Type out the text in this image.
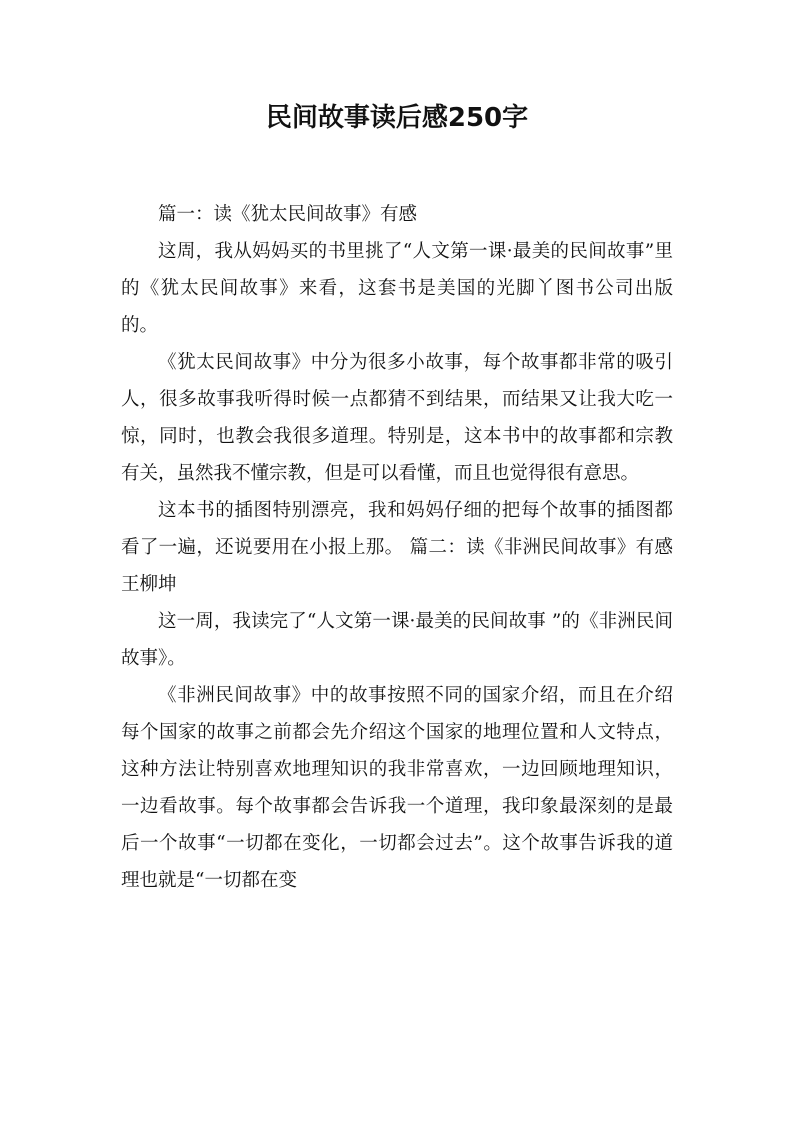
民间故事读后感250字

篇一：读《犹太民间故事》有感

这周，我从妈妈买的书里挑了“人文第一课·最美的民间故事”里的《犹太民间故事》来看，这套书是美国的光脚丫图书公司出版的。

《犹太民间故事》中分为很多小故事，每个故事都非常的吸引人，很多故事我听得时候一点都猜不到结果，而结果又让我大吃一惊，同时，也教会我很多道理。特别是，这本书中的故事都和宗教有关，虽然我不懂宗教，但是可以看懂，而且也觉得很有意思。

这本书的插图特别漂亮，我和妈妈仔细的把每个故事的插图都看了一遍，还说要用在小报上那。 篇二：读《非洲民间故事》有感 王柳坤

这一周，我读完了“人文第一课·最美的民间故事 ”的《非洲民间故事》。

《非洲民间故事》中的故事按照不同的国家介绍，而且在介绍每个国家的故事之前都会先介绍这个国家的地理位置和人文特点，这种方法让特别喜欢地理知识的我非常喜欢，一边回顾地理知识，一边看故事。每个故事都会告诉我一个道理，我印象最深刻的是最后一个故事“一切都在变化，一切都会过去”。这个故事告诉我的道理也就是“一切都在变
